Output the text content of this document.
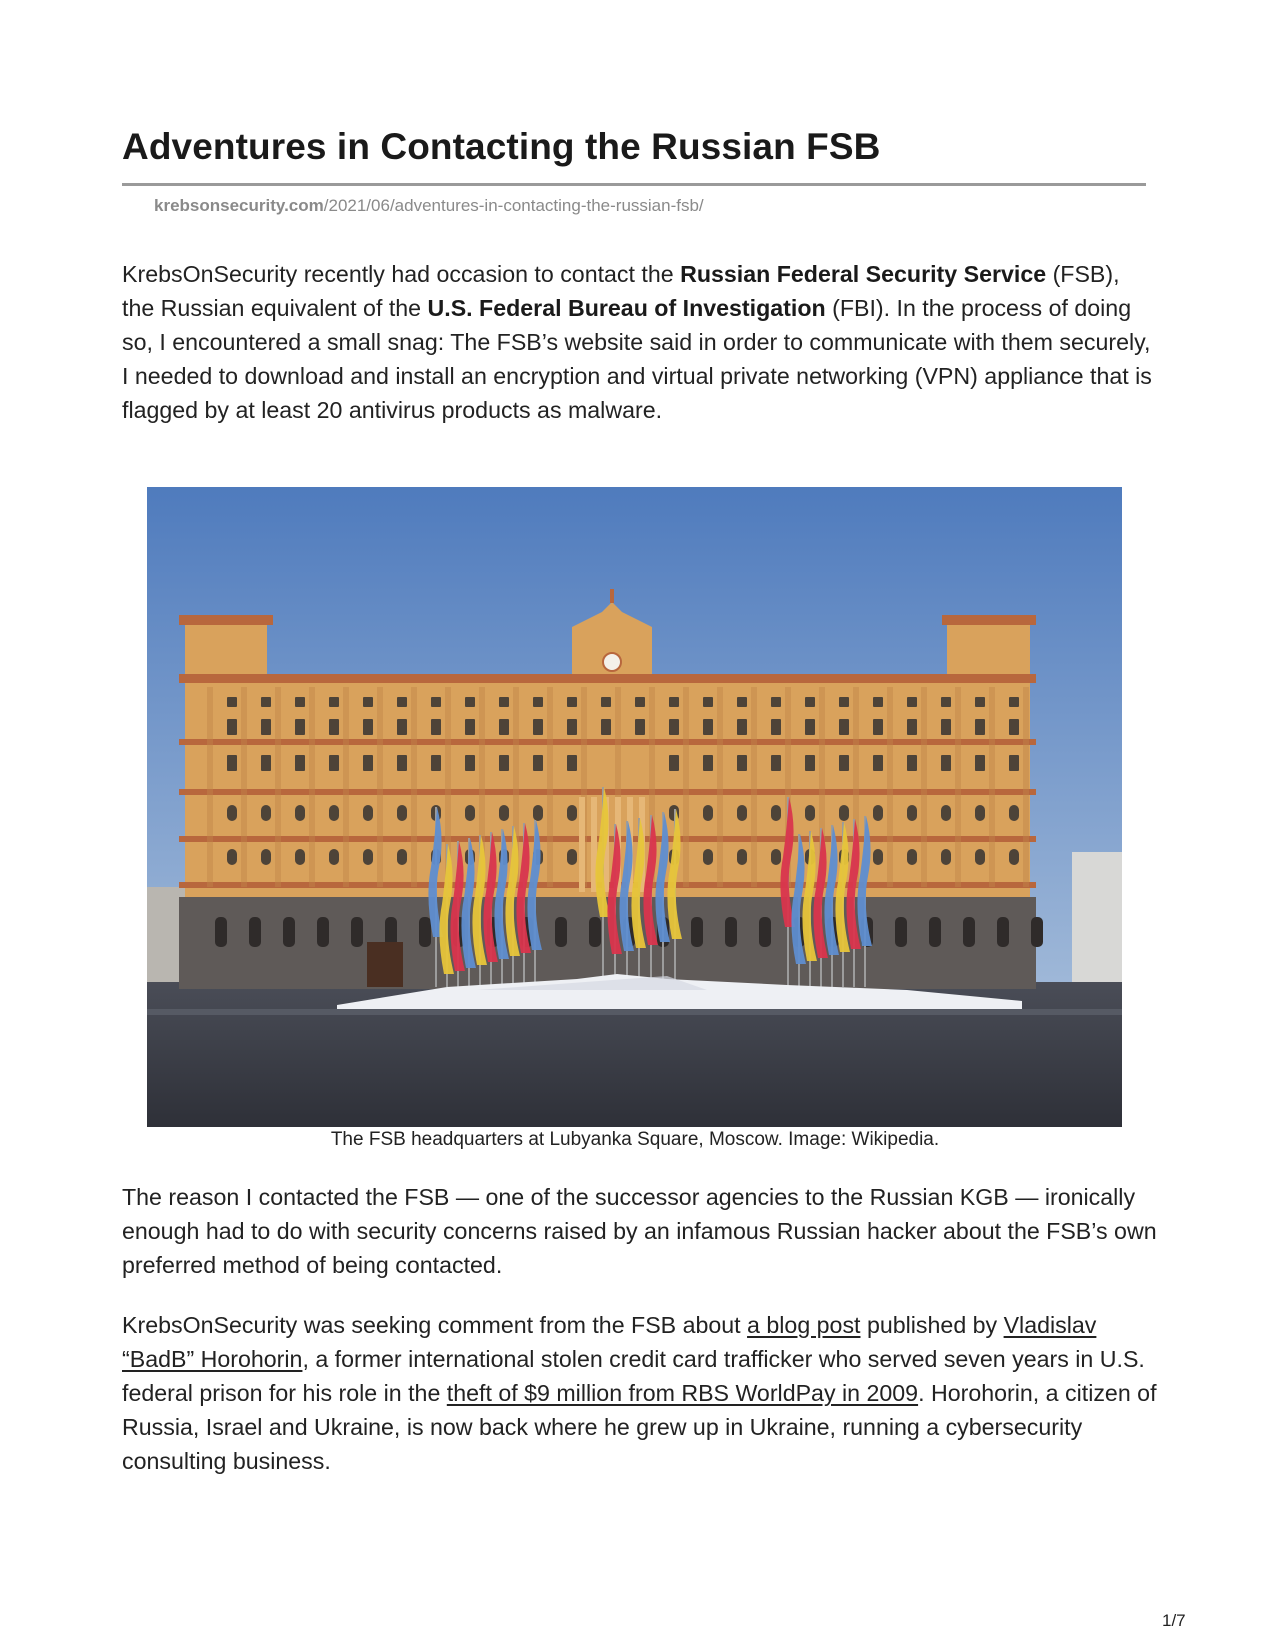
Adventures in Contacting the Russian FSB
krebsonsecurity.com/2021/06/adventures-in-contacting-the-russian-fsb/

KrebsOnSecurity recently had occasion to contact the Russian Federal Security Service (FSB), the Russian equivalent of the U.S. Federal Bureau of Investigation (FBI). In the process of doing so, I encountered a small snag: The FSB’s website said in order to communicate with them securely, I needed to download and install an encryption and virtual private networking (VPN) appliance that is flagged by at least 20 antivirus products as malware.

The FSB headquarters at Lubyanka Square, Moscow. Image: Wikipedia.

The reason I contacted the FSB — one of the successor agencies to the Russian KGB — ironically enough had to do with security concerns raised by an infamous Russian hacker about the FSB’s own preferred method of being contacted.

KrebsOnSecurity was seeking comment from the FSB about a blog post published by Vladislav “BadB” Horohorin, a former international stolen credit card trafficker who served seven years in U.S. federal prison for his role in the theft of $9 million from RBS WorldPay in 2009. Horohorin, a citizen of Russia, Israel and Ukraine, is now back where he grew up in Ukraine, running a cybersecurity consulting business.

1/7
